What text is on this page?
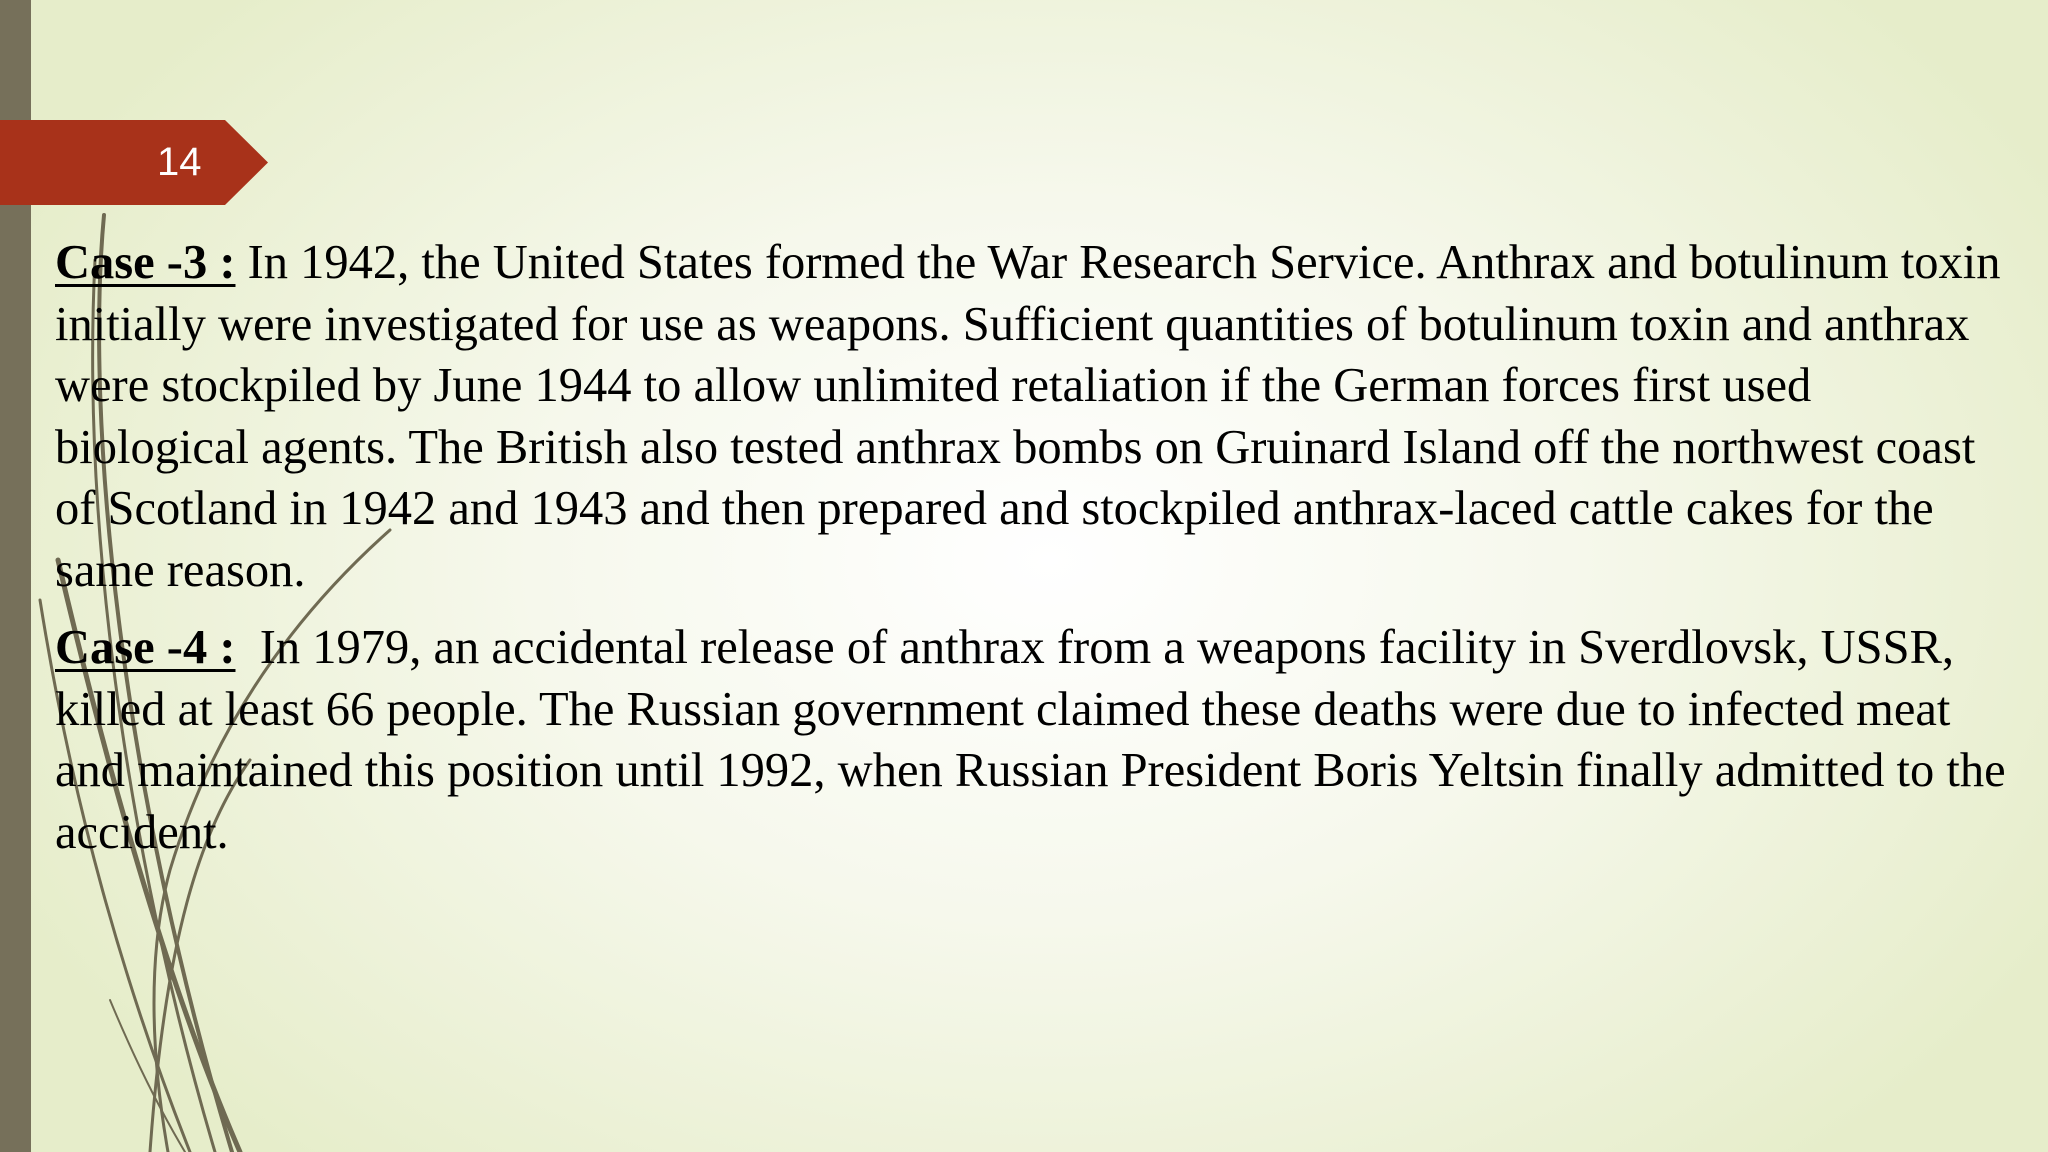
14

Case -3 : In 1942, the United States formed the War Research Service. Anthrax and botulinum toxin initially were investigated for use as weapons. Sufficient quantities of botulinum toxin and anthrax were stockpiled by June 1944 to allow unlimited retaliation if the German forces first used biological agents. The British also tested anthrax bombs on Gruinard Island off the northwest coast of Scotland in 1942 and 1943 and then prepared and stockpiled anthrax-laced cattle cakes for the same reason.

Case -4 :  In 1979, an accidental release of anthrax from a weapons facility in Sverdlovsk, USSR, killed at least 66 people. The Russian government claimed these deaths were due to infected meat and maintained this position until 1992, when Russian President Boris Yeltsin finally admitted to the accident.
